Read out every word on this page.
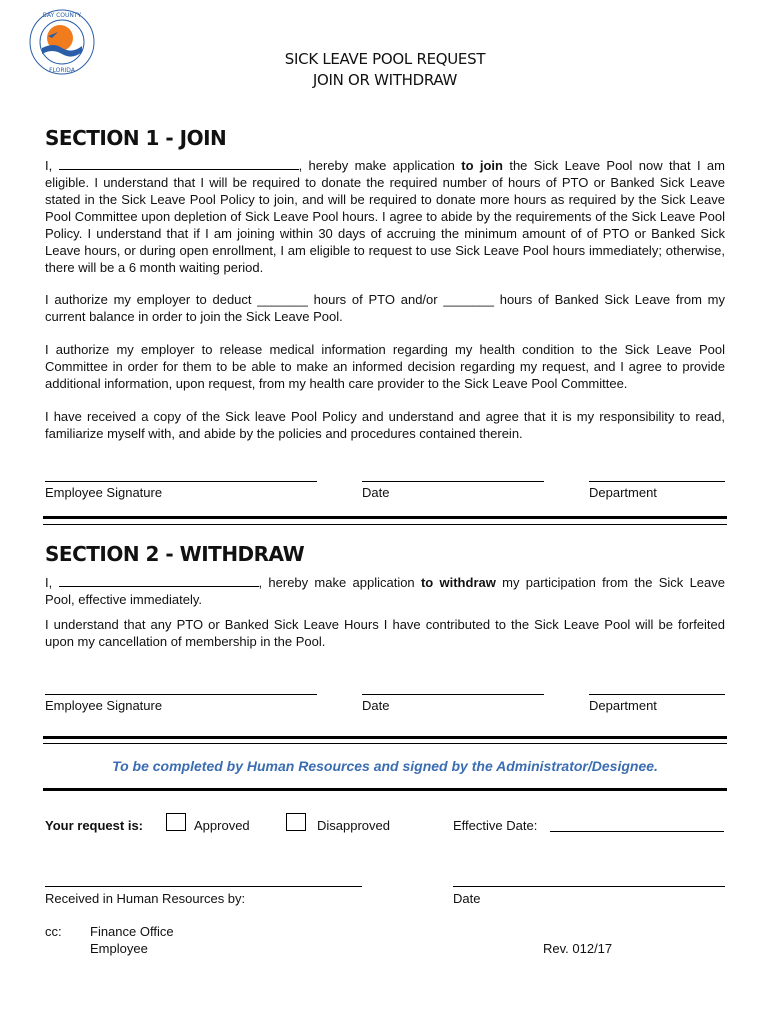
BAY COUNTY
FLORIDA
SICK LEAVE POOL REQUEST
JOIN OR WITHDRAW
SECTION 1 - JOIN
I,	, hereby make application to join the Sick Leave Pool now that I am eligible. I understand that I will be required to donate the required number of hours of PTO or Banked Sick Leave stated in the Sick Leave Pool Policy to join, and will be required to donate more hours as required by the Sick Leave Pool Committee upon depletion of Sick Leave Pool hours. I agree to abide by the requirements of the Sick Leave Pool Policy. I understand that if I am joining within 30 days of accruing the minimum amount of of PTO or Banked Sick Leave hours, or during open enrollment, I am eligible to request to use Sick Leave Pool hours immediately; otherwise, there will be a 6 month waiting period.
I authorize my employer to deduct _______ hours of PTO and/or _______ hours of Banked Sick Leave from my current balance in order to join the Sick Leave Pool.
I authorize my employer to release medical information regarding my health condition to the Sick Leave Pool Committee in order for them to be able to make an informed decision regarding my request, and I agree to provide additional information, upon request, from my health care provider to the Sick Leave Pool Committee.
I have received a copy of the Sick leave Pool Policy and understand and agree that it is my responsibility to read, familiarize myself with, and abide by the policies and procedures contained therein.
Employee Signature	Date	Department
SECTION 2 - WITHDRAW
I,	, hereby make application to withdraw my participation from the Sick Leave Pool, effective immediately.
I understand that any PTO or Banked Sick Leave Hours I have contributed to the Sick Leave Pool will be forfeited upon my cancellation of membership in the Pool.
Employee Signature	Date	Department
To be completed by Human Resources and signed by the Administrator/Designee.
Your request is:	Approved	Disapproved	Effective Date:
Received in Human Resources by:	Date
cc: Finance Office
Employee	Rev. 012/17
